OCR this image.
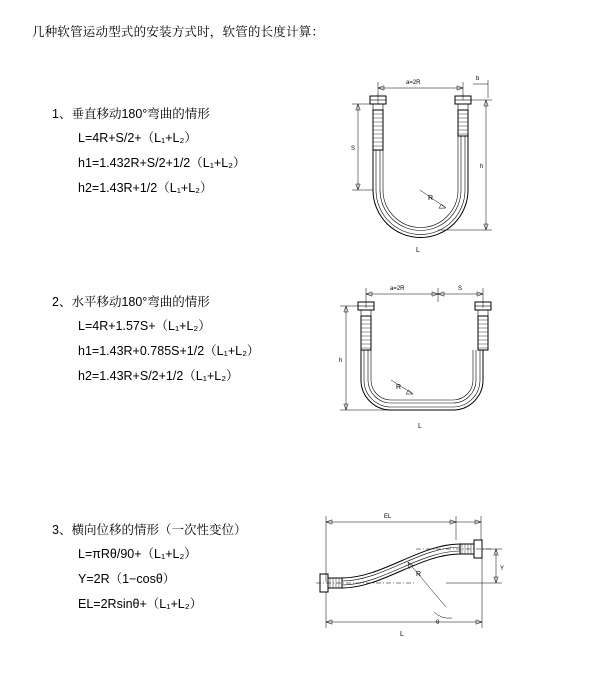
几种软管运动型式的安装方式时，软管的长度计算：
1、垂直移动180°弯曲的情形
L=4R+S/2+（L₁+L₂）
h1=1.432R+S/2+1/2（L₁+L₂）
h2=1.43R+1/2（L₁+L₂）
a=2R
R
h
L
S
b
2、水平移动180°弯曲的情形
L=4R+1.57S+（L₁+L₂）
h1=1.43R+0.785S+1/2（L₁+L₂）
h2=1.43R+S/2+1/2（L₁+L₂）
a=2R	S
R
h
L
3、横向位移的情形（一次性变位）
L=πRθ/90+（L₁+L₂）
Y=2R（1−cosθ）
EL=2Rsinθ+（L₁+L₂）
EL
R
θ
Y
L
